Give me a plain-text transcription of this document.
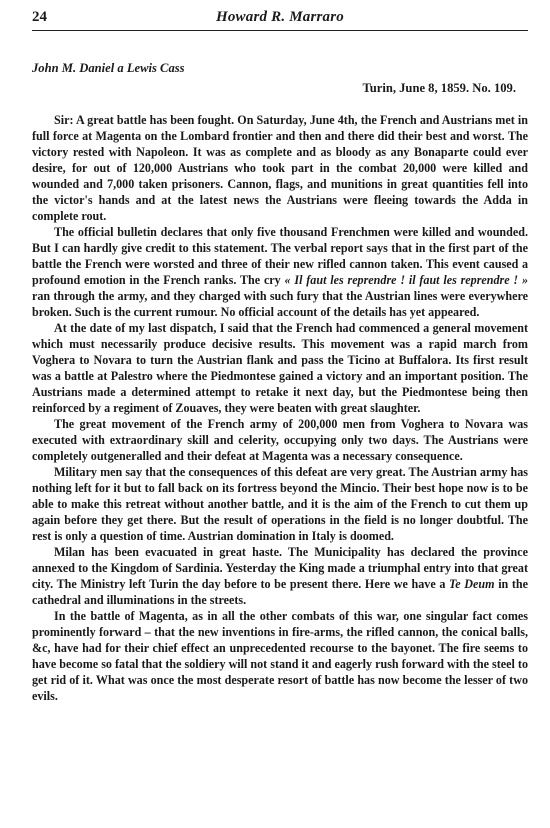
24	Howard R. Marraro
John M. Daniel a Lewis Cass
Turin, June 8, 1859. No. 109.

Sir: A great battle has been fought. On Saturday, June 4th, the French and Austrians met in full force at Magenta on the Lombard frontier and then and there did their best and worst. The victory rested with Napoleon. It was as complete and as bloody as any Bonaparte could ever desire, for out of 120,000 Austrians who took part in the combat 20,000 were killed and wounded and 7,000 taken prisoners. Cannon, flags, and munitions in great quantities fell into the victor's hands and at the latest news the Austrians were fleeing towards the Adda in complete rout.

The official bulletin declares that only five thousand Frenchmen were killed and wounded. But I can hardly give credit to this statement. The verbal report says that in the first part of the battle the French were worsted and three of their new rifled cannon taken. This event caused a profound emotion in the French ranks. The cry « Il faut les reprendre ! il faut les reprendre ! » ran through the army, and they charged with such fury that the Austrian lines were everywhere broken. Such is the current rumour. No official account of the details has yet appeared.

At the date of my last dispatch, I said that the French had commenced a general movement which must necessarily produce decisive results. This movement was a rapid march from Voghera to Novara to turn the Austrian flank and pass the Ticino at Buffalora. Its first result was a battle at Palestro where the Piedmontese gained a victory and an important position. The Austrians made a determined attempt to retake it next day, but the Piedmontese being then reinforced by a regiment of Zouaves, they were beaten with great slaughter.

The great movement of the French army of 200,000 men from Voghera to Novara was executed with extraordinary skill and celerity, occupying only two days. The Austrians were completely outgeneralled and their defeat at Magenta was a necessary consequence.

Military men say that the consequences of this defeat are very great. The Austrian army has nothing left for it but to fall back on its fortress beyond the Mincio. Their best hope now is to be able to make this retreat without another battle, and it is the aim of the French to cut them up again before they get there. But the result of operations in the field is no longer doubtful. The rest is only a question of time. Austrian domination in Italy is doomed.

Milan has been evacuated in great haste. The Municipality has declared the province annexed to the Kingdom of Sardinia. Yesterday the King made a triumphal entry into that great city. The Ministry left Turin the day before to be present there. Here we have a Te Deum in the cathedral and illuminations in the streets.

In the battle of Magenta, as in all the other combats of this war, one singular fact comes prominently forward – that the new inventions in fire-arms, the rifled cannon, the conical balls, &c, have had for their chief effect an unprecedented recourse to the bayonet. The fire seems to have become so fatal that the soldiery will not stand it and eagerly rush forward with the steel to get rid of it. What was once the most desperate resort of battle has now become the lesser of two evils.
